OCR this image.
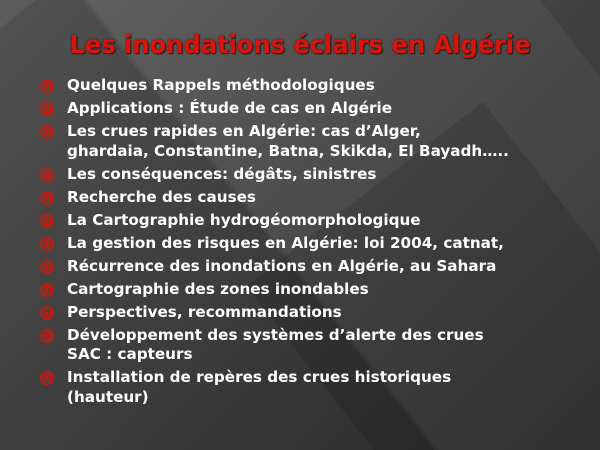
Les inondations éclairs en Algérie
Quelques Rappels méthodologiques
Applications : Étude de cas en Algérie
Les crues rapides en Algérie: cas d’Alger,
ghardaia, Constantine, Batna, Skikda, El Bayadh…..
Les conséquences: dégâts, sinistres
Recherche des causes
La Cartographie hydrogéomorphologique
La gestion des risques en Algérie: loi 2004, catnat,
Récurrence des inondations en Algérie, au Sahara
Cartographie des zones inondables
Perspectives, recommandations
Développement des systèmes d’alerte des crues
SAC : capteurs
Installation de repères des crues historiques
(hauteur)
